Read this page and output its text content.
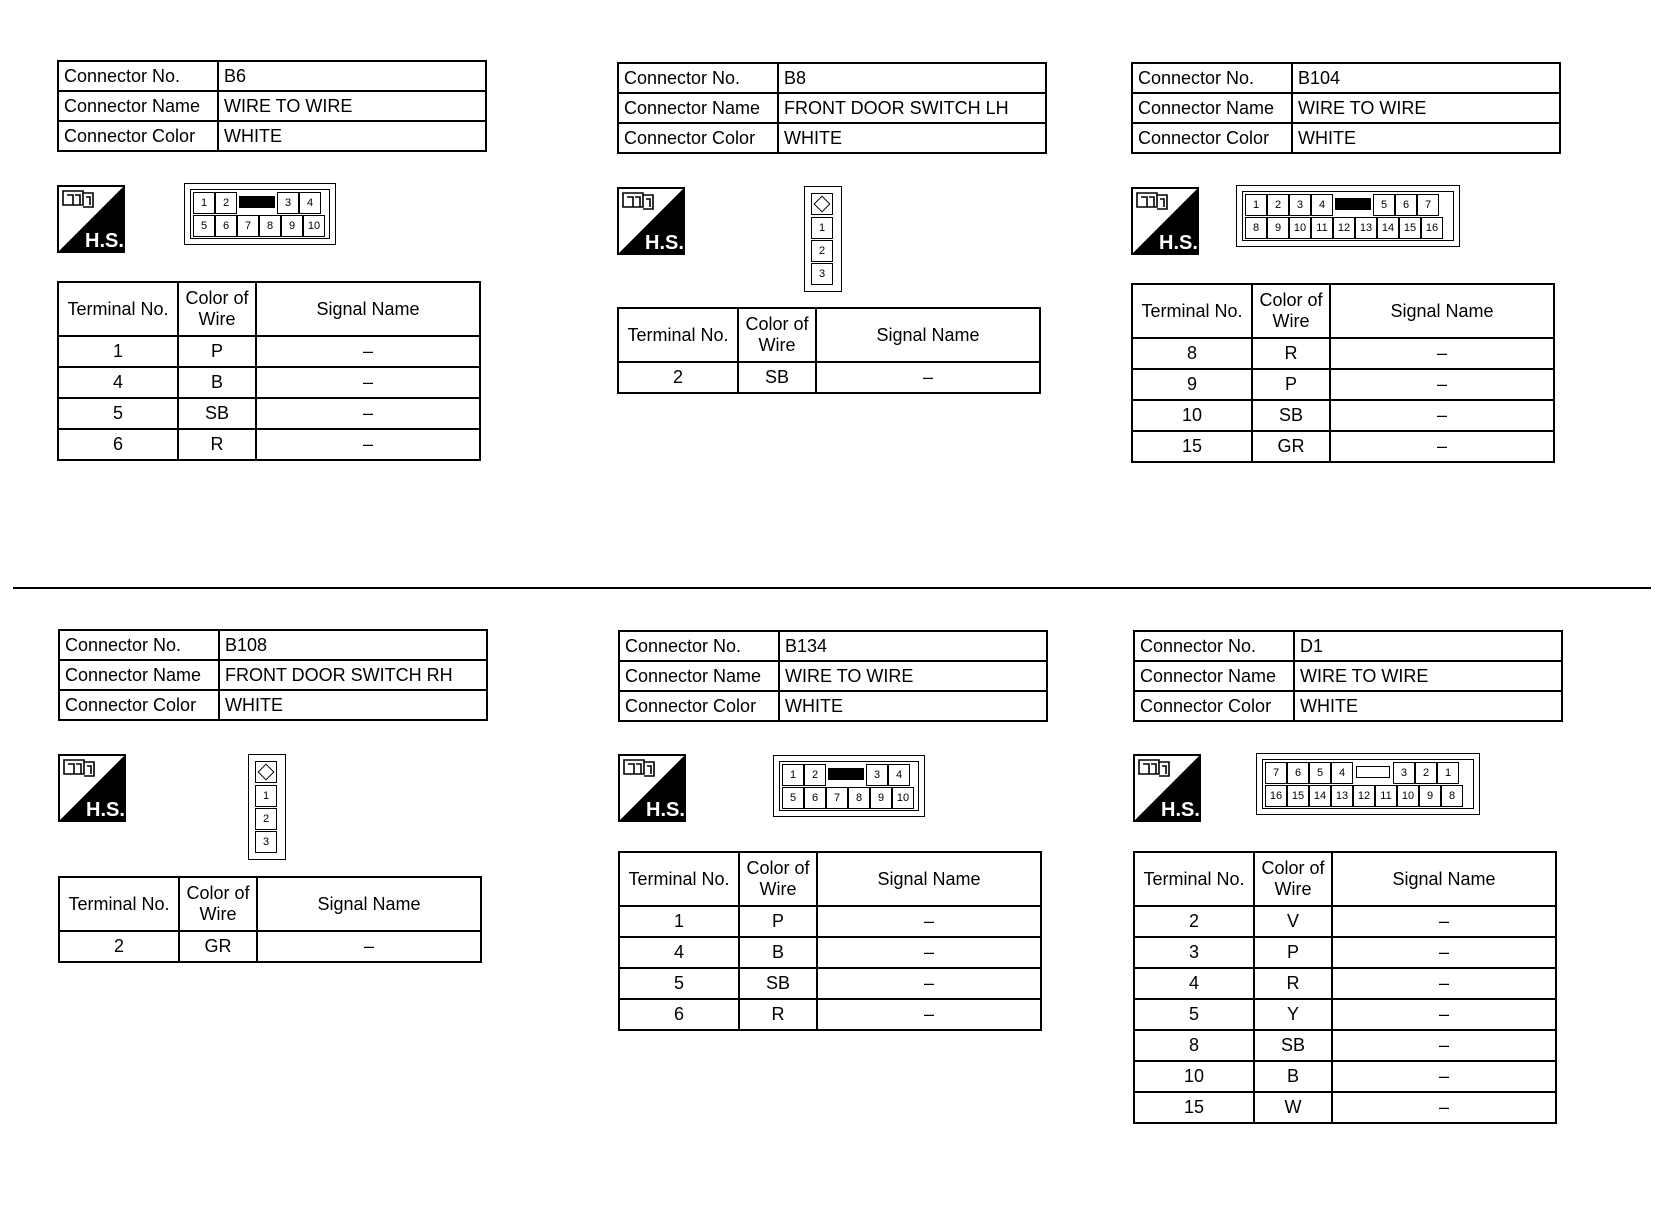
Connector No.	B6
Connector Name	WIRE TO WIRE
Connector Color	WHITE
H.S.
1	2	3	4
5	6	7	8	9	10
Terminal No.	Color of Wire	Signal Name
1	P	–
4	B	–
5	SB	–
6	R	–
Connector No.	B8
Connector Name	FRONT DOOR SWITCH LH
Connector Color	WHITE
H.S.
1
2
3
Terminal No.	Color of Wire	Signal Name
2	SB	–
Connector No.	B104
Connector Name	WIRE TO WIRE
Connector Color	WHITE
H.S.
1	2	3	4	5	6	7
8	9	10 11 12 13 14 15 16
Terminal No.	Color of Wire	Signal Name
8	R	–
9	P	–
10	SB	–
15	GR	–
Connector No.	B108
Connector Name	FRONT DOOR SWITCH RH
Connector Color	WHITE
H.S.
1
2
3
Terminal No.	Color of Wire	Signal Name
2	GR	–
Connector No.	B134
Connector Name	WIRE TO WIRE
Connector Color	WHITE
H.S.
1	2	3	4
5	6	7	8	9	10
Terminal No.	Color of Wire	Signal Name
1	P	–
4	B	–
5	SB	–
6	R	–
Connector No.	D1
Connector Name	WIRE TO WIRE
Connector Color	WHITE
H.S.
7	6	5	4	3	2	1
16 15 14 13 12 11 10	9	8
Terminal No.	Color of Wire	Signal Name
2	V	–
3	P	–
4	R	–
5	Y	–
8	SB	–
10	B	–
15	W	–
